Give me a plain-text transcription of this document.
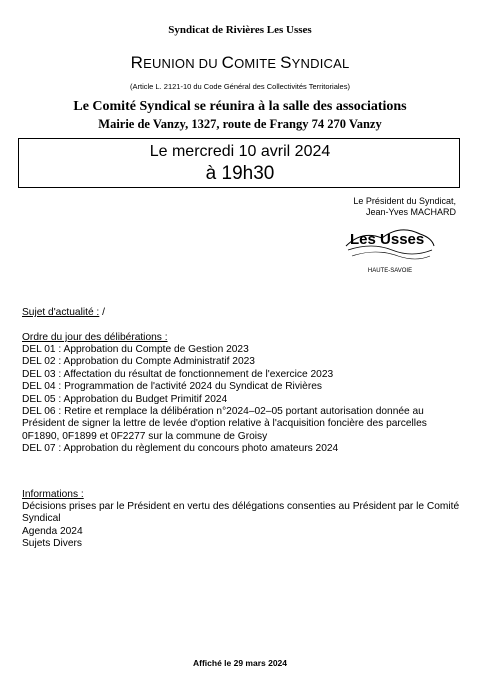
Syndicat de Rivières Les Usses
REUNION DU COMITE SYNDICAL
(Article L. 2121-10 du Code Général des Collectivités Territoriales)
Le Comité Syndical se réunira à la salle des associations
Mairie de Vanzy, 1327, route de Frangy 74 270 Vanzy
Le mercredi 10 avril 2024
à 19h30
Le Président du Syndicat,
Jean-Yves MACHARD
Les Usses
HAUTE-SAVOIE
Sujet d'actualité : /
Ordre du jour des délibérations :
DEL 01 : Approbation du Compte de Gestion 2023
DEL 02 : Approbation du Compte Administratif 2023
DEL 03 : Affectation du résultat de fonctionnement de l'exercice 2023
DEL 04 : Programmation de l'activité 2024 du Syndicat de Rivières
DEL 05 : Approbation du Budget Primitif 2024
DEL 06 : Retire et remplace la délibération n°2024–02–05 portant autorisation donnée au Président de signer la lettre de levée d'option relative à l'acquisition foncière des parcelles 0F1890, 0F1899 et 0F2277 sur la commune de Groisy
DEL 07 : Approbation du règlement du concours photo amateurs 2024
Informations :
Décisions prises par le Président en vertu des délégations consenties au Président par le Comité Syndical
Agenda 2024
Sujets Divers
Affiché le 29 mars 2024
